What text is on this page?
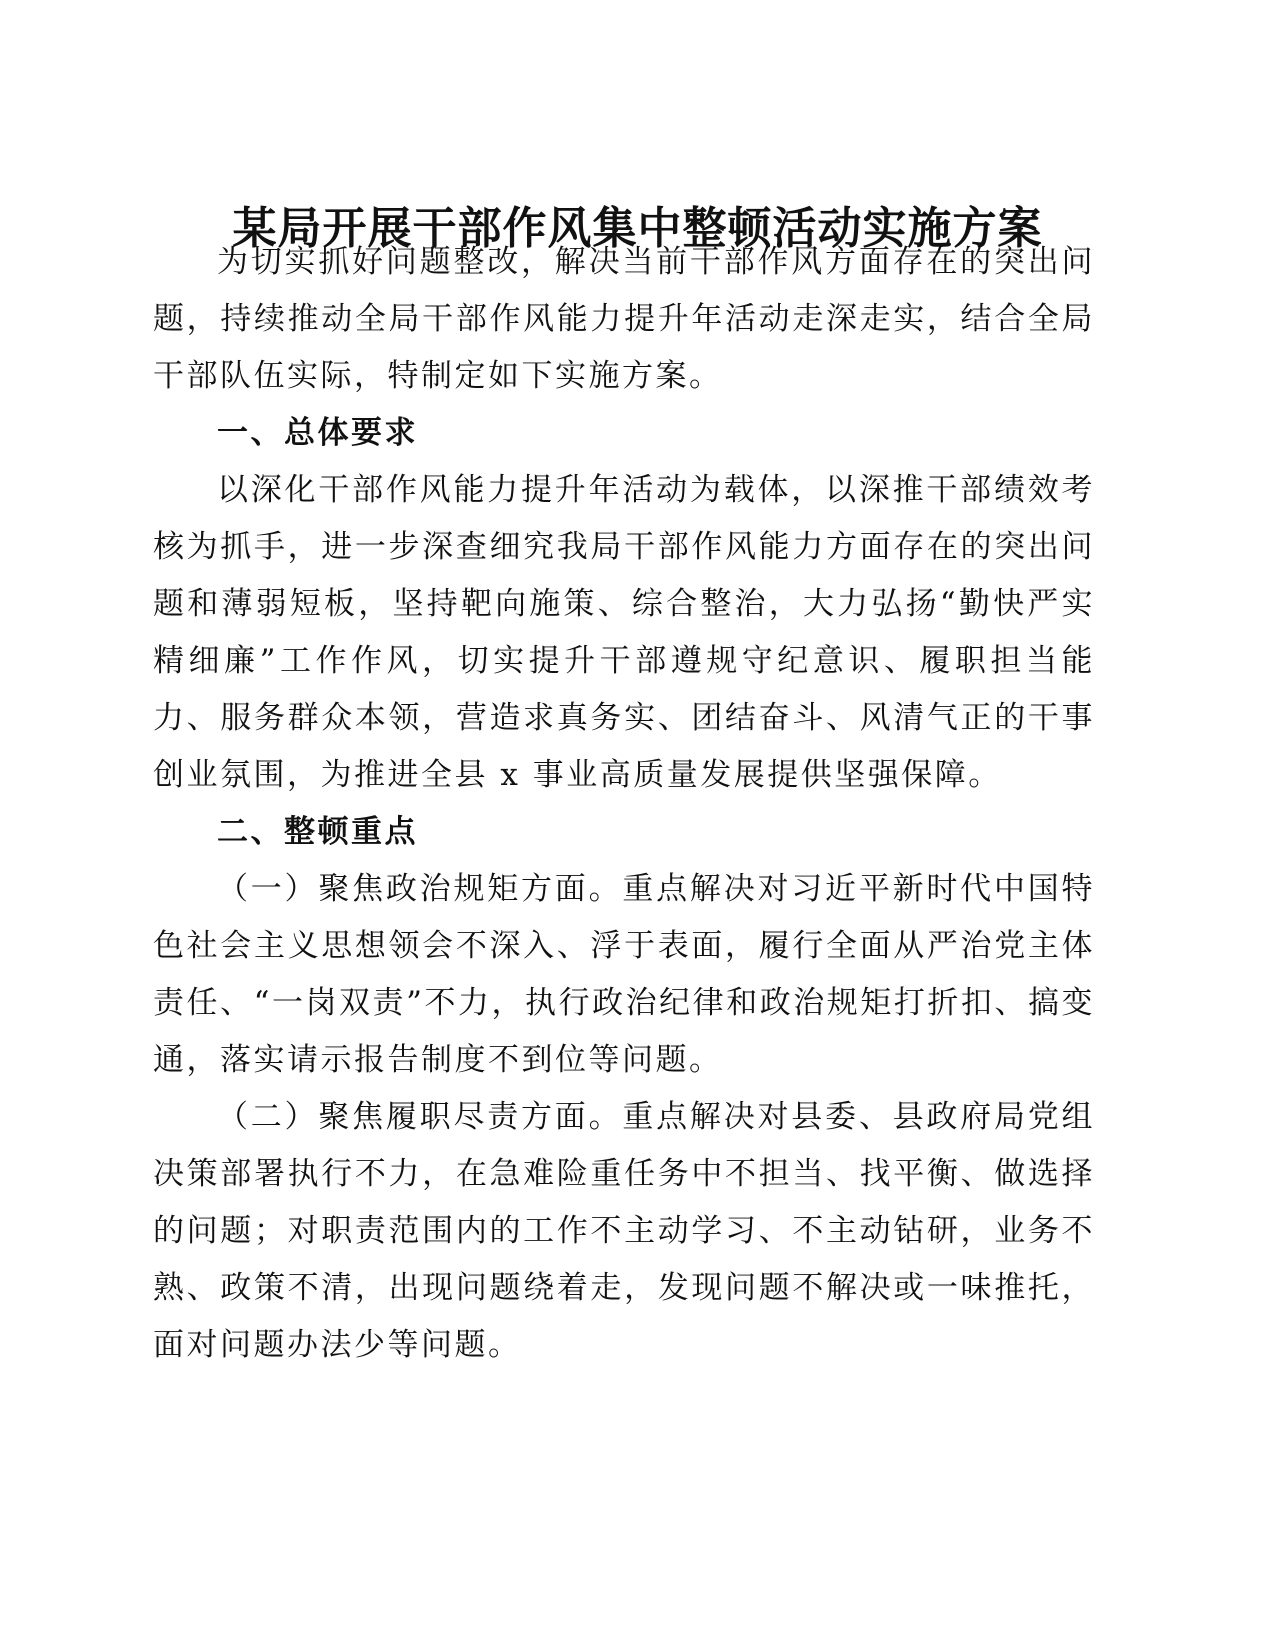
某局开展干部作风集中整顿活动实施方案

为切实抓好问题整改，解决当前干部作风方面存在的突出问题，持续推动全局干部作风能力提升年活动走深走实，结合全局干部队伍实际，特制定如下实施方案。

一、总体要求

以深化干部作风能力提升年活动为载体，以深推干部绩效考核为抓手，进一步深查细究我局干部作风能力方面存在的突出问题和薄弱短板，坚持靶向施策、综合整治，大力弘扬“勤快严实精细廉”工作作风，切实提升干部遵规守纪意识、履职担当能力、服务群众本领，营造求真务实、团结奋斗、风清气正的干事创业氛围，为推进全县 x 事业高质量发展提供坚强保障。

二、整顿重点

（一）聚焦政治规矩方面。重点解决对习近平新时代中国特色社会主义思想领会不深入、浮于表面，履行全面从严治党主体责任、“一岗双责”不力，执行政治纪律和政治规矩打折扣、搞变通，落实请示报告制度不到位等问题。

（二）聚焦履职尽责方面。重点解决对县委、县政府局党组决策部署执行不力，在急难险重任务中不担当、找平衡、做选择的问题；对职责范围内的工作不主动学习、不主动钻研，业务不熟、政策不清，出现问题绕着走，发现问题不解决或一味推托，面对问题办法少等问题。
